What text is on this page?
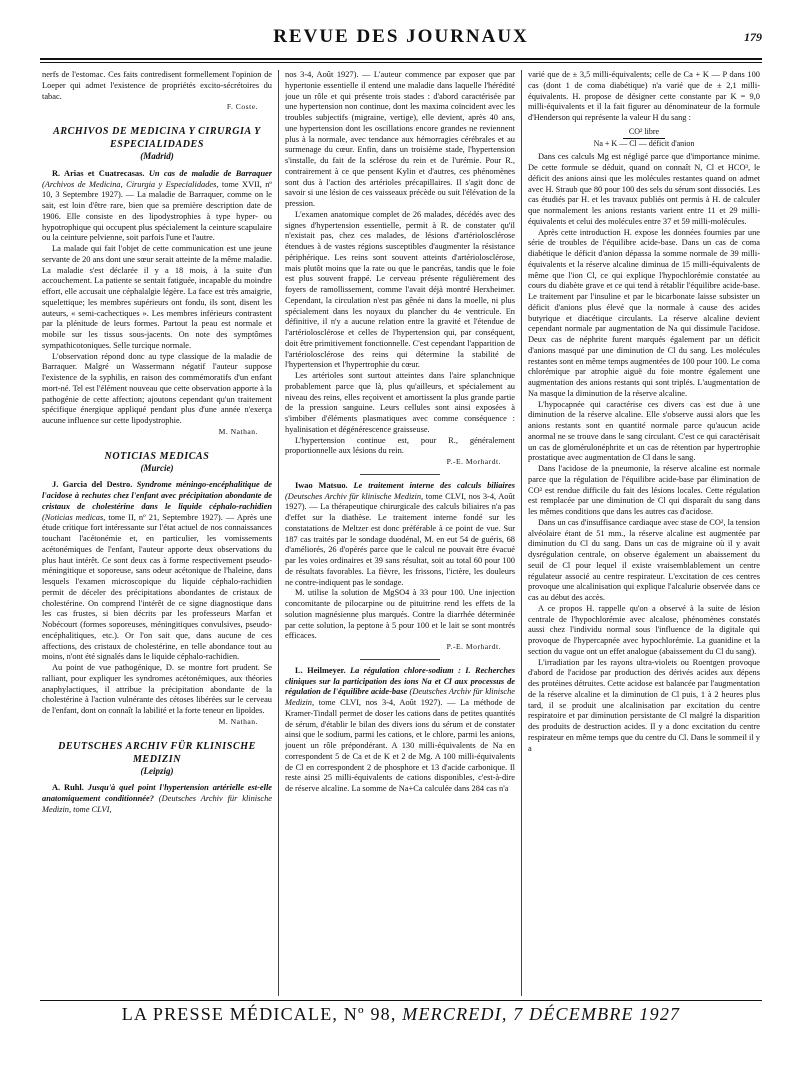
REVUE DES JOURNAUX	179

nerfs de l'estomac. Ces faits contredisent formellement l'opinion de Loeper qui admet l'existence de propriétés excito-sécrétoires du tabac.

F. Coste.

ARCHIVOS DE MEDICINA Y CIRURGIA Y ESPECIALIDADES
(Madrid)

R. Arias et Cuatrecasas. Un cas de maladie de Barraquer (Archivos de Medicina, Cirurgia y Especialidades, tome XVII, nº 10, 3 Septembre 1927). — La maladie de Barraquer, comme on le sait, est loin d'être rare, bien que sa première description date de 1906. Elle consiste en des lipodystrophies à type hyper- ou hypotrophique qui occupent plus spécialement la ceinture scapulaire ou la ceinture pelvienne, soit parfois l'une et l'autre.

La malade qui fait l'objet de cette communication est une jeune servante de 20 ans dont une sœur serait atteinte de la même maladie. La maladie s'est déclarée il y a 18 mois, à la suite d'un accouchement. La patiente se sentait fatiguée, incapable du moindre effort, elle accusait une céphalalgie légère. La face est très amaigrie, squelettique; les membres supérieurs ont fondu, ils sont, disent les auteurs, « semi-cachectiques ». Les membres inférieurs contrastent par la plénitude de leurs formes. Partout la peau est normale et mobile sur les tissus sous-jacents. On note des symptômes sympathicotoniques. Selle turcique normale.

L'observation répond donc au type classique de la maladie de Barraquer. Malgré un Wassermann négatif l'auteur suppose l'existence de la syphilis, en raison des commémoratifs d'un enfant mort-né. Tel est l'élément nouveau que cette observation apporte à la pathogénie de cette affection; ajoutons cependant qu'un traitement spécifique énergique appliqué pendant plus d'une année n'exerça aucune influence sur cette lipodystrophie.

M. Nathan.

NOTICIAS MEDICAS
(Murcie)

J. Garcia del Destro. Syndrome méningo-encéphalitique de l'acidose à rechutes chez l'enfant avec précipitation abondante de cristaux de cholestérine dans le liquide céphalo-rachidien (Noticias medicas, tome II, nº 21, Septembre 1927). — Après une étude critique fort intéressante sur l'état actuel de nos connaissances touchant l'acétonémie et, en particulier, les vomissements acétonémiques de l'enfant, l'auteur apporte deux observations du plus haut intérêt. Ce sont deux cas à forme respectivement pseudo-méningitique et soporeuse, sans odeur acétonique de l'haleine, dans lesquels l'examen microscopique du liquide céphalo-rachidien permit de déceler des précipitations abondantes de cristaux de cholestérine. On comprend l'intérêt de ce signe diagnostique dans les cas frustes, si bien décrits par les professeurs Marfan et Nobécourt (formes soporeuses, méningitiques convulsives, pseudo-encéphalitiques, etc.). Or l'on sait que, dans aucune de ces affections, des cristaux de cholestérine, en telle abondance tout au moins, n'ont été signalés dans le liquide céphalo-rachidien.

Au point de vue pathogénique, D. se montre fort prudent. Se ralliant, pour expliquer les syndromes acétonémiques, aux théories anaphylactiques, il attribue la précipitation abondante de la cholestérine à l'action vulnérante des cétoses libérées sur le cerveau de l'enfant, dont on connaît la labilité et la forte teneur en lipoïdes.

M. Nathan.

DEUTSCHES ARCHIV FÜR KLINISCHE MEDIZIN
(Leipzig)

A. Ruhl. Jusqu'à quel point l'hypertension artérielle est-elle anatomiquement conditionnée? (Deutsches Archiv für klinische Medizin, tome CLVI,

nos 3-4, Août 1927). — L'auteur commence par exposer que par hypertonie essentielle il entend une maladie dans laquelle l'hérédité joue un rôle et qui présente trois stades : d'abord caractérisée par une hypertension non continue, dont les maxima coïncident avec les troubles subjectifs (migraine, vertige), elle devient, après 40 ans, une hypertension dont les oscillations encore grandes ne reviennent plus à la normale, avec tendance aux hémorragies cérébrales et au surmenage du cœur. Enfin, dans un troisième stade, l'hypertension s'installe, du fait de la sclérose du rein et de l'urémie. Pour R., contrairement à ce que pensent Kylin et d'autres, ces phénomènes sont dus à l'action des artérioles précapillaires. Il s'agit donc de savoir si une lésion de ces vaisseaux précède ou suit l'élévation de la pression.

L'examen anatomique complet de 26 malades, décédés avec des signes d'hypertension essentielle, permit à R. de constater qu'il n'existait pas, chez ces malades, de lésions d'artériolosclérose étendues à de vastes régions susceptibles d'augmenter la résistance périphérique. Les reins sont souvent atteints d'artériolosclérose, mais plutôt moins que la rate ou que le pancréas, tandis que le foie est plus souvent frappé. Le cerveau présente régulièrement des foyers de ramollissement, comme l'avait déjà montré Herxheimer. Cependant, la circulation n'est pas gênée ni dans la moelle, ni plus spécialement dans les noyaux du plancher du 4e ventricule. En définitive, il n'y a aucune relation entre la gravité et l'étendue de l'artériolosclérose et celles de l'hypertension qui, par conséquent, doit être primitivement fonctionnelle. C'est cependant l'apparition de l'artériolosclérose des reins qui détermine la stabilité de l'hypertension et l'hypertrophie du cœur.

Les artérioles sont surtout atteintes dans l'aire splanchnique probablement parce que là, plus qu'ailleurs, et spécialement au niveau des reins, elles reçoivent et amortissent la plus grande partie de la pression sanguine. Leurs cellules sont ainsi exposées à s'imbiber d'éléments plasmatiques avec comme conséquence : hyalinisation et dégénérescence graisseuse.

L'hypertension continue est, pour R., généralement proportionnelle aux lésions du rein.

P.-E. Morhardt.

Iwao Matsuo. Le traitement interne des calculs biliaires (Deutsches Archiv für klinische Medizin, tome CLVI, nos 3-4, Août 1927). — La thérapeutique chirurgicale des calculs biliaires n'a pas d'effet sur la diathèse. Le traitement interne fondé sur les constatations de Meltzer est donc préférable à ce point de vue. Sur 187 cas traités par le sondage duodénal, M. en eut 54 de guéris, 68 d'améliorés, 26 d'opérés parce que le calcul ne pouvait être évacué par les voies ordinaires et 39 sans résultat, soit au total 60 pour 100 de résultats favorables. La fièvre, les frissons, l'ictère, les douleurs ne contre-indiquent pas le sondage.

M. utilise la solution de MgSO4 à 33 pour 100. Une injection concomitante de pilocarpine ou de pituitrine rend les effets de la solution magnésienne plus marqués. Contre la diarrhée déterminée par cette solution, la peptone à 5 pour 100 et le lait se sont montrés efficaces.

P.-E. Morhardt.

L. Heilmeyer. La régulation chlore-sodium : I. Recherches cliniques sur la participation des ions Na et Cl aux processus de régulation de l'équilibre acide-base (Deutsches Archiv für klinische Medizin, tome CLVI, nos 3-4, Août 1927). — La méthode de Kramer-Tindall permet de doser les cations dans de petites quantités de sérum, d'établir le bilan des divers ions du sérum et de constater ainsi que le sodium, parmi les cations, et le chlore, parmi les anions, jouent un rôle prépondérant. A 130 milli-équivalents de Na en correspondent 5 de Ca et de K et 2 de Mg. A 100 milli-équivalents de Cl en correspondent 2 de phosphore et 13 d'acide carbonique. Il reste ainsi 25 milli-équivalents de cations disponibles, c'est-à-dire de réserve alcaline. La somme de Na+Ca calculée dans 284 cas n'a

varié que de ± 3,5 milli-équivalents; celle de Ca + K — P dans 100 cas (dont 1 de coma diabétique) n'a varié que de ± 2,1 milli-équivalents. H. propose de désigner cette constante par K = 9,0 milli-équivalents et il la fait figurer au dénominateur de la formule d'Henderson qui représente la valeur H du sang :

CO² libre
Na + K — Cl — déficit d'anion

Dans ces calculs Mg est négligé parce que d'importance minime. De cette formule se déduit, quand on connaît N, Cl et HCO³, le déficit des anions ainsi que les molécules restantes quand on admet avec H. Straub que 80 pour 100 des sels du sérum sont dissociés. Les cas étudiés par H. et les travaux publiés ont permis à H. de calculer que normalement les anions restants varient entre 11 et 29 milli-équivalents et celui des molécules entre 37 et 59 milli-molécules.

Après cette introduction H. expose les données fournies par une série de troubles de l'équilibre acide-base. Dans un cas de coma diabétique le déficit d'anion dépassa la somme normale de 39 milli-équivalents et la réserve alcaline diminua de 15 milli-équivalents de même que l'ion Cl, ce qui explique l'hypochlorémie constatée au cours du diabète grave et ce qui tend à rétablir l'équilibre acide-base. Le traitement par l'insuline et par le bicarbonate laisse subsister un déficit d'anions plus élevé que la normale à cause des acides butyrique et diacétique circulants. La réserve alcaline devient cependant normale par augmentation de Na qui dissimule l'acidose. Deux cas de néphrite furent marqués également par un déficit d'anions masqué par une diminution de Cl du sang. Les molécules restantes sont en même temps augmentées de 100 pour 100. Le coma chlorémique par atrophie aiguë du foie montre également une augmentation des anions restants qui sont triplés. L'augmentation de Na masque la diminution de la réserve alcaline.

L'hypocapnée qui caractérise ces divers cas est due à une diminution de la réserve alcaline. Elle s'observe aussi alors que les anions restants sont en quantité normale parce qu'aucun acide anormal ne se trouve dans le sang circulant. C'est ce qui caractérisait un cas de glomérulonéphrite et un cas de rétention par hypertrophie prostatique avec augmentation de Cl dans le sang.

Dans l'acidose de la pneumonie, la réserve alcaline est normale parce que la régulation de l'équilibre acide-base par élimination de CO² est rendue difficile du fait des lésions locales. Cette régulation est remplacée par une diminution de Cl qui disparaît du sang dans les mêmes conditions que dans les autres cas d'acidose.

Dans un cas d'insuffisance cardiaque avec stase de CO², la tension alvéolaire étant de 51 mm., la réserve alcaline est augmentée par diminution du Cl du sang. Dans un cas de migraine où il y avait dysrégulation centrale, on observe également un abaissement du seuil de Cl pour lequel il existe vraisemblablement un centre régulateur associé au centre respirateur. L'excitation de ces centres provoque une alcalinisation qui explique l'alcalurie observée dans ce cas au début des accès.

A ce propos H. rappelle qu'on a observé à la suite de lésion centrale de l'hypochlorémie avec alcalose, phénomènes constatés aussi chez l'individu normal sous l'influence de la digitale qui provoque de l'hypercapnée avec hypochlorémie. La guanidine et la section du vague ont un effet analogue (abaissement du Cl du sang).

L'irradiation par les rayons ultra-violets ou Roentgen provoque d'abord de l'acidose par production des dérivés acides aux dépens des protéines détruites. Cette acidose est balancée par l'augmentation de la réserve alcaline et la diminution de Cl puis, 1 à 2 heures plus tard, il se produit une alcalinisation par excitation du centre respiratoire et par diminution persistante de Cl malgré la disparition des produits de destruction acides. Il y a donc excitation du centre respirateur en même temps que du centre du Cl. Dans le sommeil il y a

LA PRESSE MÉDICALE, Nº 98, MERCREDI, 7 DÉCEMBRE 1927
